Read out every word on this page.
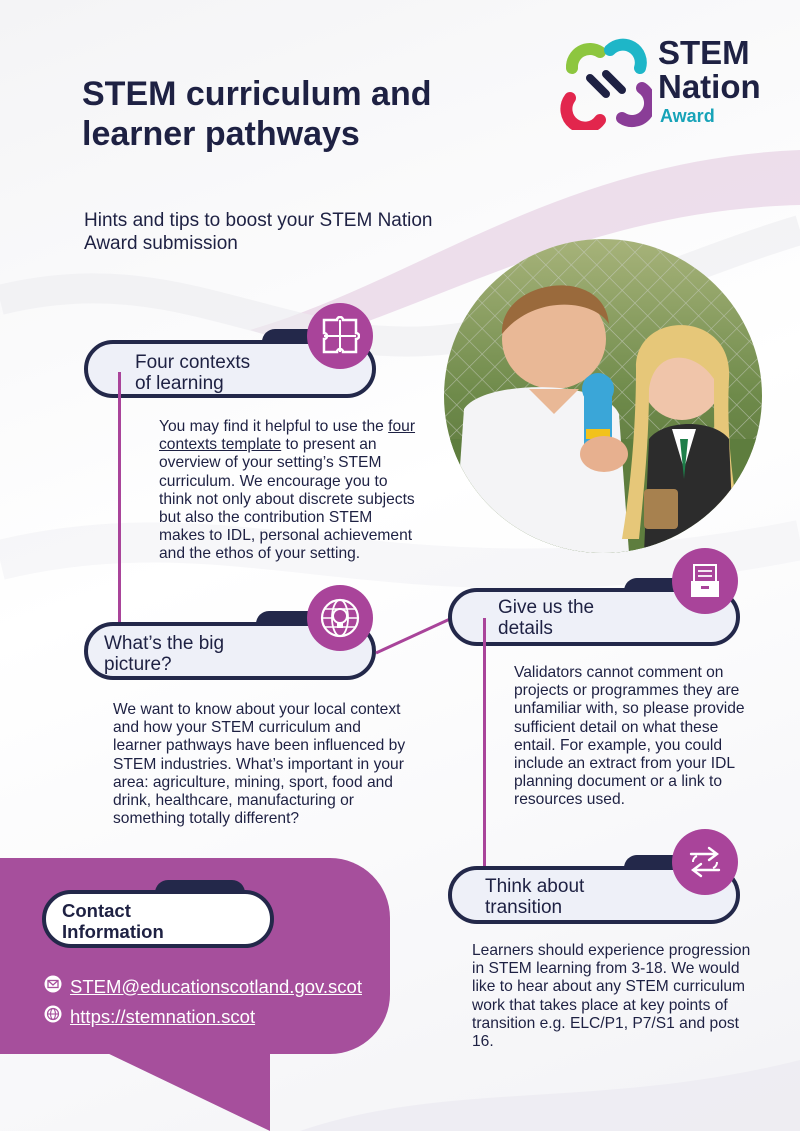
STEM curriculum and learner pathways

Hints and tips to boost your STEM Nation Award submission

STEM
Nation
Award
Four contexts
of learning

You may find it helpful to use the four contexts template to present an overview of your setting’s STEM curriculum. We encourage you to think not only about discrete subjects but also the contribution STEM makes to IDL, personal achievement and the ethos of your setting.

What’s the big
picture?

We want to know about your local context and how your STEM curriculum and learner pathways have been influenced by STEM industries. What’s important in your area: agriculture, mining, sport, food and drink, healthcare, manufacturing or something totally different?

Give us the
details

Validators cannot comment on projects or programmes they are unfamiliar with, so please provide sufficient detail on what these entail. For example, you could include an extract from your IDL planning document or a link to resources used.

Think about
transition

Learners should experience progression in STEM learning from 3-18. We would like to hear about any STEM curriculum work that takes place at key points of transition e.g. ELC/P1, P7/S1 and post 16.

Contact
Information
STEM@educationscotland.gov.scot
https://stemnation.scot
